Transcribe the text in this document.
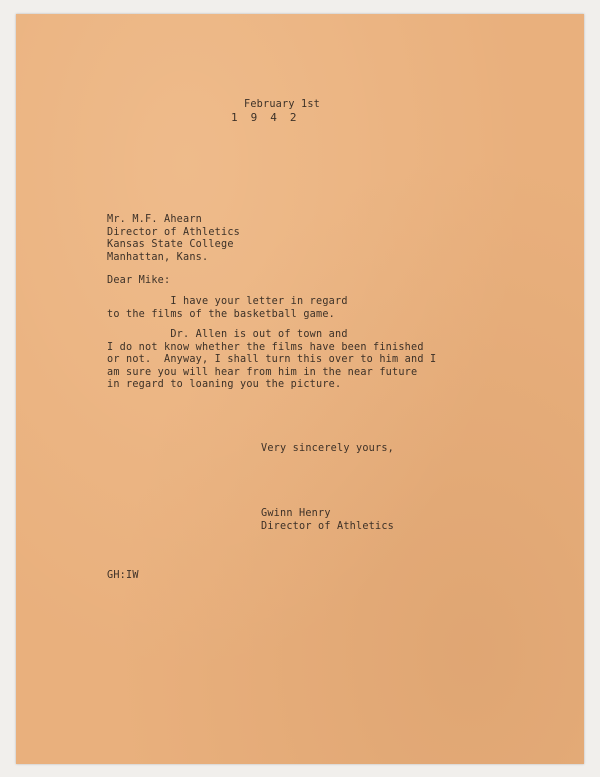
February 1st
1 9 4 2
Mr. M.F. Ahearn
Director of Athletics
Kansas State College
Manhattan, Kans.
Dear Mike:
I have your letter in regard
to the films of the basketball game.
Dr. Allen is out of town and
I do not know whether the films have been finished
or not.  Anyway, I shall turn this over to him and I
am sure you will hear from him in the near future
in regard to loaning you the picture.
Very sincerely yours,
Gwinn Henry
Director of Athletics
GH:IW
